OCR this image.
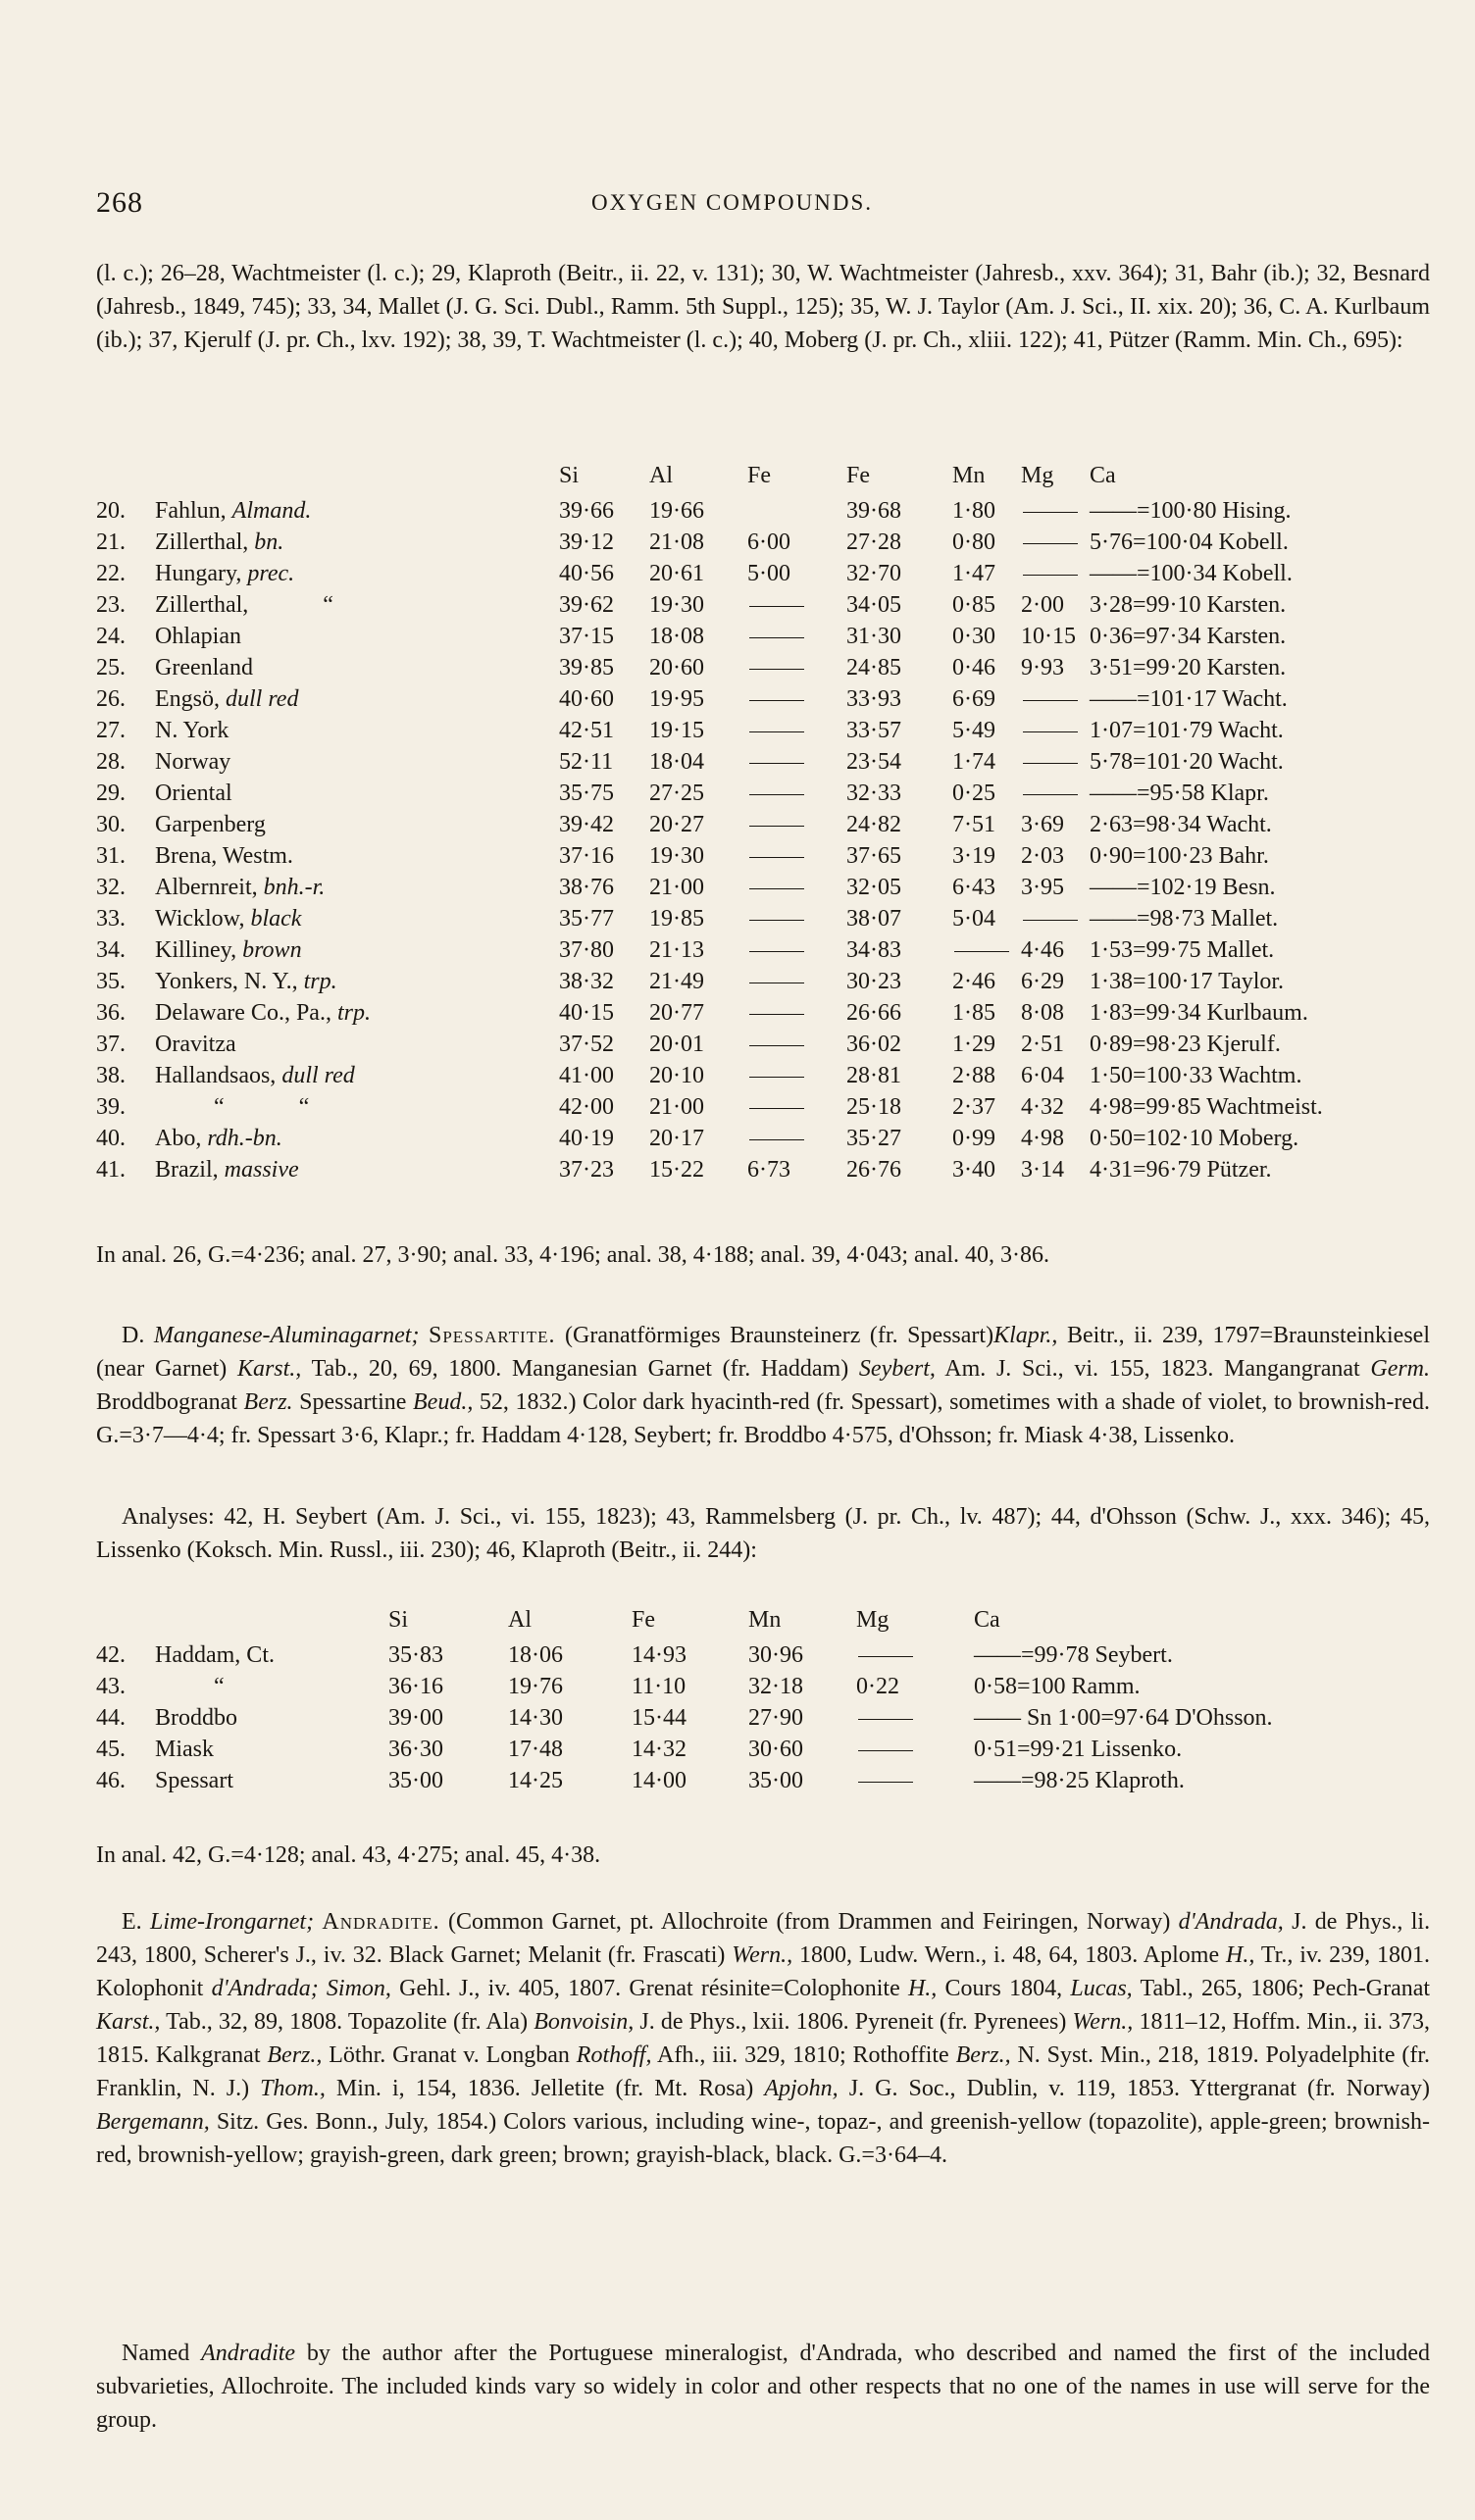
268	OXYGEN COMPOUNDS.
(l. c.); 26–28, Wachtmeister (l. c.); 29, Klaproth (Beitr., ii. 22, v. 131); 30, W. Wachtmeister (Jahresb., xxv. 364); 31, Bahr (ib.); 32, Besnard (Jahresb., 1849, 745); 33, 34, Mallet (J. G. Sci. Dubl., Ramm. 5th Suppl., 125); 35, W. J. Taylor (Am. J. Sci., II. xix. 20); 36, C. A. Kurlbaum (ib.); 37, Kjerulf (J. pr. Ch., lxv. 192); 38, 39, T. Wachtmeister (l. c.); 40, Moberg (J. pr. Ch., xliii. 122); 41, Pützer (Ramm. Min. Ch., 695):
		Si	Al	Fe	Fe	Mn	Mg	Ca
20.	Fahlun, Almand.	39·66	19·66		39·68	1·80		——=100·80 Hising.
21.	Zillerthal, bn.	39·12	21·08	6·00	27·28	0·80		5·76=100·04 Kobell.
22.	Hungary, prec.	40·56	20·61	5·00	32·70	1·47		——=100·34 Kobell.
23.	Zillerthal, “	39·62	19·30		34·05	0·85	2·00	3·28=99·10 Karsten.
24.	Ohlapian	37·15	18·08		31·30	0·30	10·15	0·36=97·34 Karsten.
25.	Greenland	39·85	20·60		24·85	0·46	9·93	3·51=99·20 Karsten.
26.	Engsö, dull red	40·60	19·95		33·93	6·69		——=101·17 Wacht.
27.	N. York	42·51	19·15		33·57	5·49		1·07=101·79 Wacht.
28.	Norway	52·11	18·04		23·54	1·74		5·78=101·20 Wacht.
29.	Oriental	35·75	27·25		32·33	0·25		——=95·58 Klapr.
30.	Garpenberg	39·42	20·27		24·82	7·51	3·69	2·63=98·34 Wacht.
31.	Brena, Westm.	37·16	19·30		37·65	3·19	2·03	0·90=100·23 Bahr.
32.	Albernreit, bnh.-r.	38·76	21·00		32·05	6·43	3·95	——=102·19 Besn.
33.	Wicklow, black	35·77	19·85		38·07	5·04		——=98·73 Mallet.
34.	Killiney, brown	37·80	21·13		34·83		4·46	1·53=99·75 Mallet.
35.	Yonkers, N. Y., trp.	38·32	21·49		30·23	2·46	6·29	1·38=100·17 Taylor.
36.	Delaware Co., Pa., trp.	40·15	20·77		26·66	1·85	8·08	1·83=99·34 Kurlbaum.
37.	Oravitza	37·52	20·01		36·02	1·29	2·51	0·89=98·23 Kjerulf.
38.	Hallandsaos, dull red	41·00	20·10		28·81	2·88	6·04	1·50=100·33 Wachtm.
39.	“ “	42·00	21·00		25·18	2·37	4·32	4·98=99·85 Wachtmeist.
40.	Abo, rdh.-bn.	40·19	20·17		35·27	0·99	4·98	0·50=102·10 Moberg.
41.	Brazil, massive	37·23	15·22	6·73	26·76	3·40	3·14	4·31=96·79 Pützer.
In anal. 26, G.=4·236; anal. 27, 3·90; anal. 33, 4·196; anal. 38, 4·188; anal. 39, 4·043; anal. 40, 3·86.
D. Manganese-Aluminagarnet; Spessartite. (Granatförmiges Braunsteinerz (fr. Spessart)Klapr., Beitr., ii. 239, 1797=Braunsteinkiesel (near Garnet) Karst., Tab., 20, 69, 1800. Manganesian Garnet (fr. Haddam) Seybert, Am. J. Sci., vi. 155, 1823. Mangangranat Germ. Broddbogranat Berz. Spessartine Beud., 52, 1832.) Color dark hyacinth-red (fr. Spessart), sometimes with a shade of violet, to brownish-red. G.=3·7—4·4; fr. Spessart 3·6, Klapr.; fr. Haddam 4·128, Seybert; fr. Broddbo 4·575, d'Ohsson; fr. Miask 4·38, Lissenko.
Analyses: 42, H. Seybert (Am. J. Sci., vi. 155, 1823); 43, Rammelsberg (J. pr. Ch., lv. 487); 44, d'Ohsson (Schw. J., xxx. 346); 45, Lissenko (Koksch. Min. Russl., iii. 230); 46, Klaproth (Beitr., ii. 244):
		Si	Al	Fe	Mn	Mg	Ca
42.	Haddam, Ct.	35·83	18·06	14·93	30·96		——=99·78 Seybert.
43.	“	36·16	19·76	11·10	32·18	0·22	0·58=100 Ramm.
44.	Broddbo	39·00	14·30	15·44	27·90		—— Sn 1·00=97·64 D'Ohsson.
45.	Miask	36·30	17·48	14·32	30·60		0·51=99·21 Lissenko.
46.	Spessart	35·00	14·25	14·00	35·00		——=98·25 Klaproth.
In anal. 42, G.=4·128; anal. 43, 4·275; anal. 45, 4·38.
E. Lime-Irongarnet; Andradite. (Common Garnet, pt. Allochroite (from Drammen and Feiringen, Norway) d'Andrada, J. de Phys., li. 243, 1800, Scherer's J., iv. 32. Black Garnet; Melanit (fr. Frascati) Wern., 1800, Ludw. Wern., i. 48, 64, 1803. Aplome H., Tr., iv. 239, 1801. Kolophonit d'Andrada; Simon, Gehl. J., iv. 405, 1807. Grenat résinite=Colophonite H., Cours 1804, Lucas, Tabl., 265, 1806; Pech-Granat Karst., Tab., 32, 89, 1808. Topazolite (fr. Ala) Bonvoisin, J. de Phys., lxii. 1806. Pyreneit (fr. Pyrenees) Wern., 1811–12, Hoffm. Min., ii. 373, 1815. Kalkgranat Berz., Löthr. Granat v. Longban Rothoff, Afh., iii. 329, 1810; Rothoffite Berz., N. Syst. Min., 218, 1819. Polyadelphite (fr. Franklin, N. J.) Thom., Min. i, 154, 1836. Jelletite (fr. Mt. Rosa) Apjohn, J. G. Soc., Dublin, v. 119, 1853. Yttergranat (fr. Norway) Bergemann, Sitz. Ges. Bonn., July, 1854.) Colors various, including wine-, topaz-, and greenish-yellow (topazolite), apple-green; brownish-red, brownish-yellow; grayish-green, dark green; brown; grayish-black, black. G.=3·64–4.
Named Andradite by the author after the Portuguese mineralogist, d'Andrada, who described and named the first of the included subvarieties, Allochroite. The included kinds vary so widely in color and other respects that no one of the names in use will serve for the group.
